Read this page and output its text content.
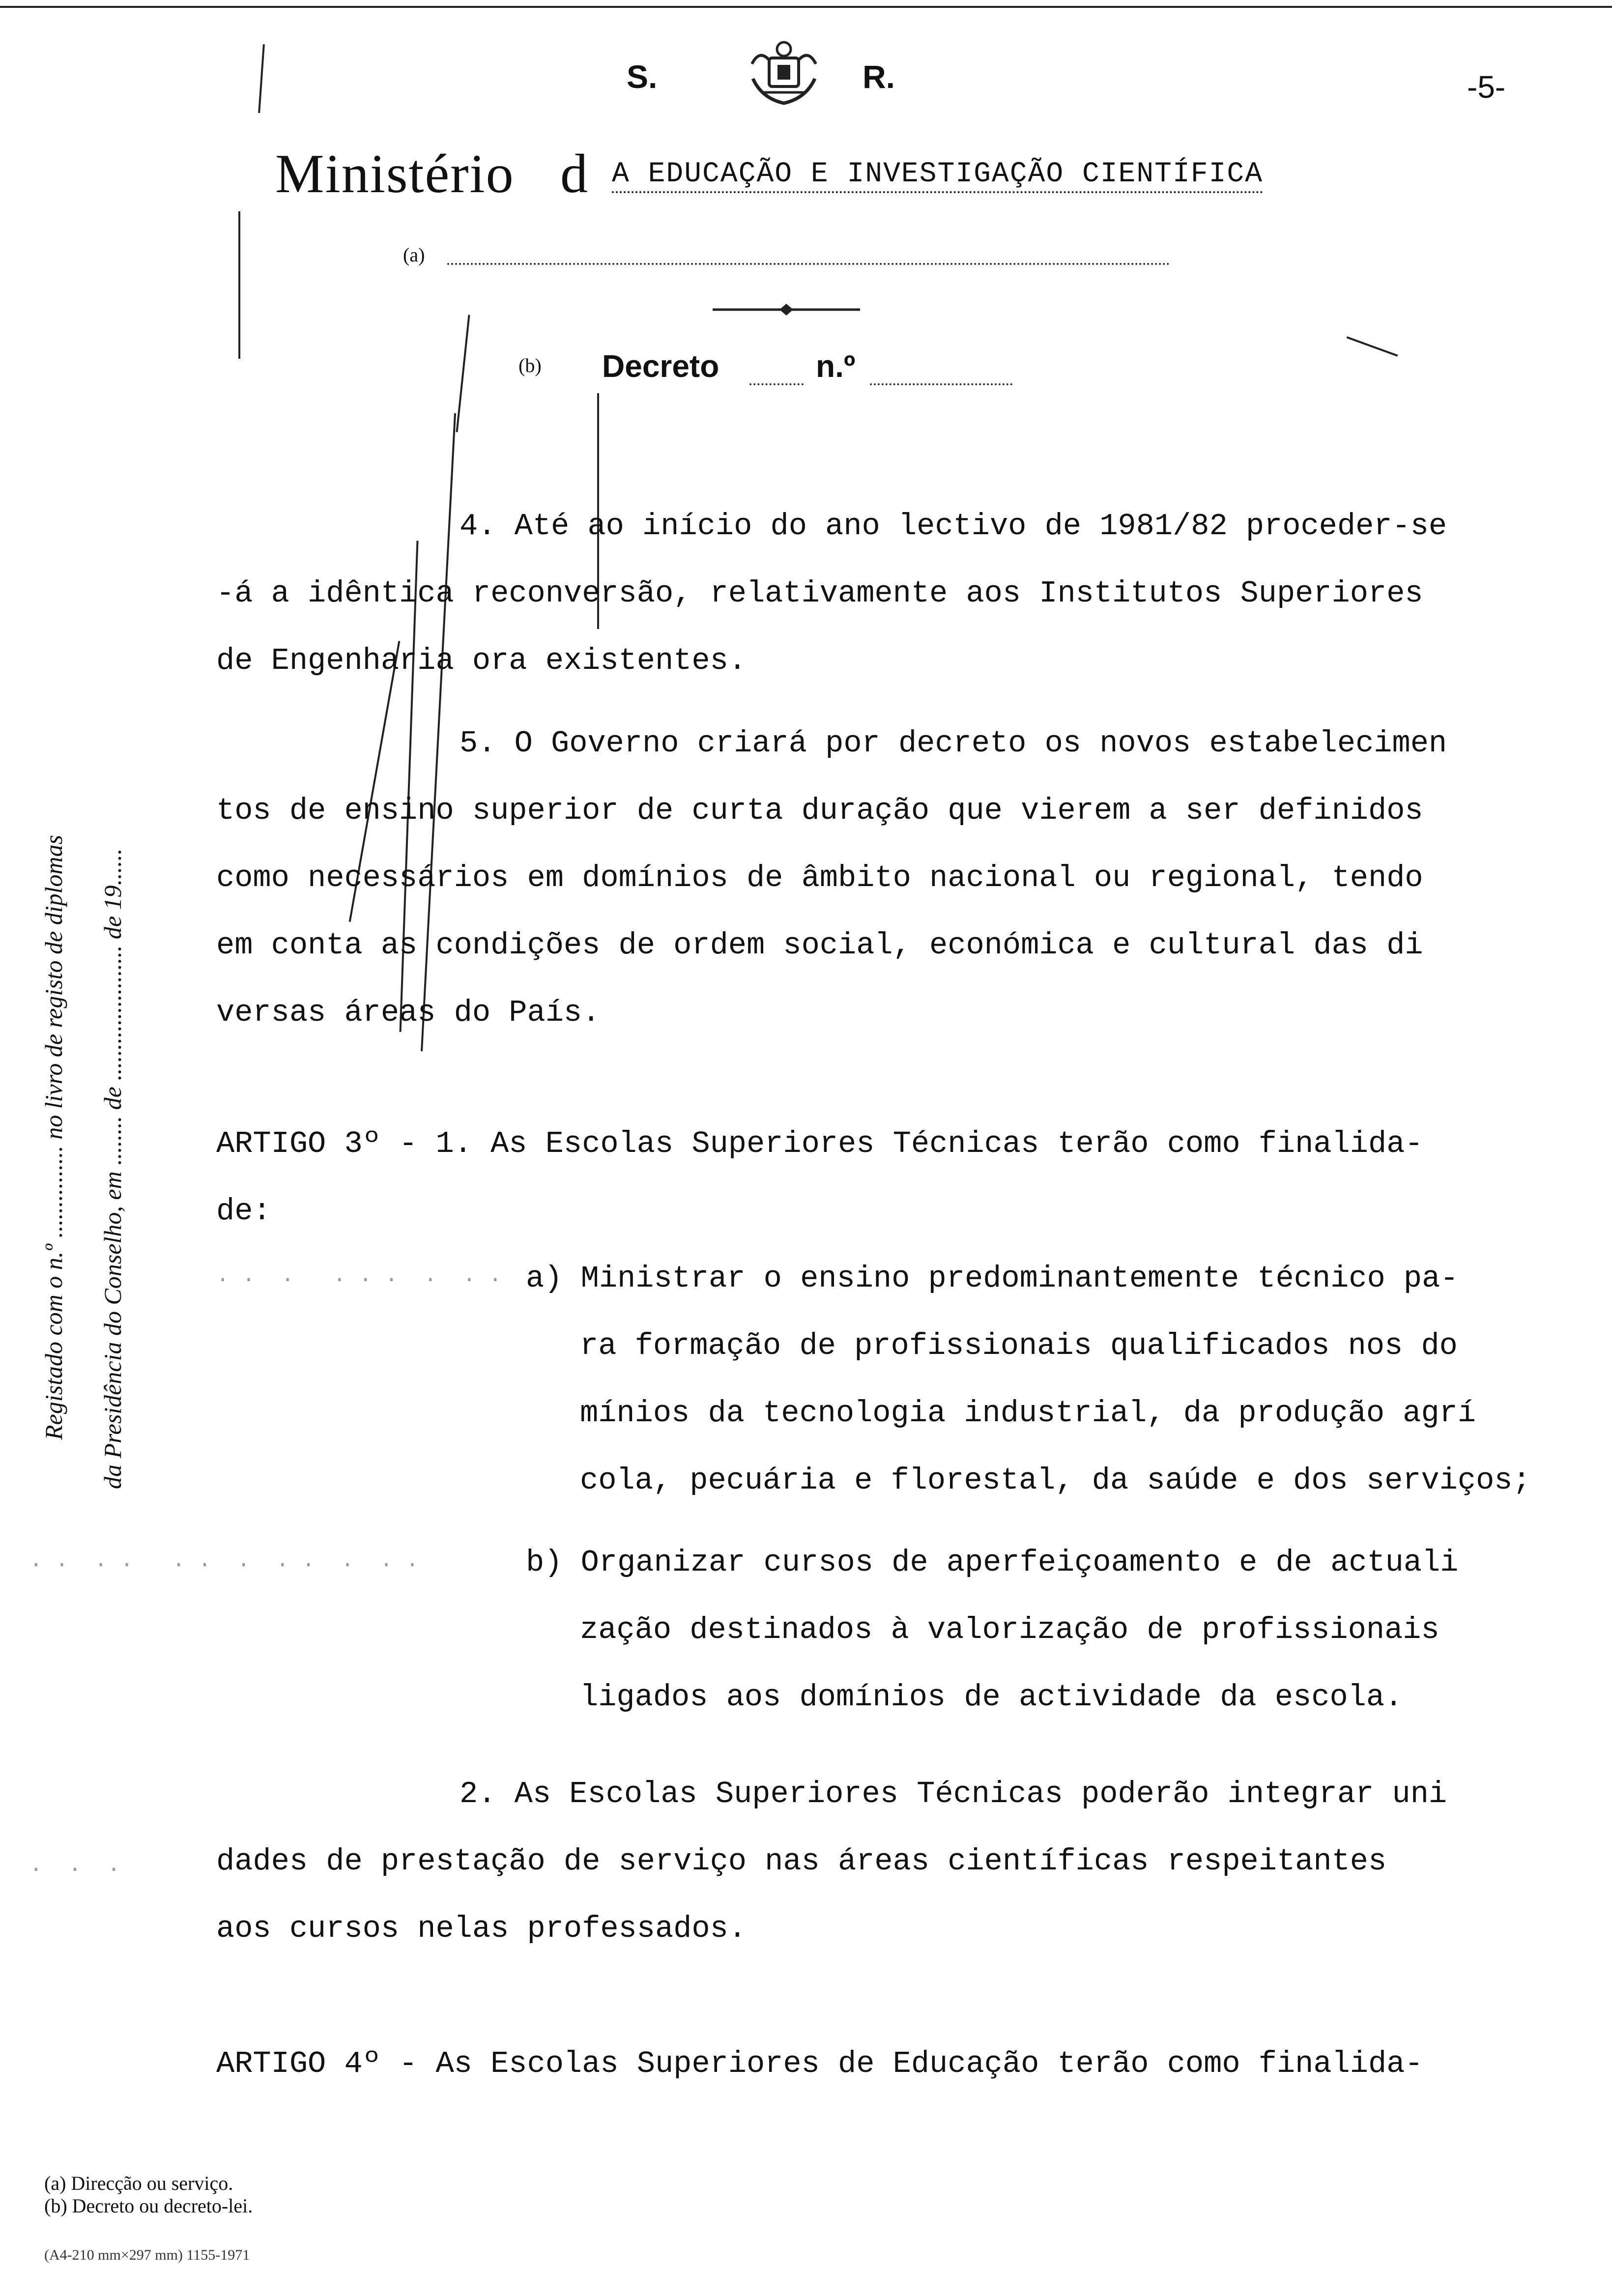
S.	R.	-5-
Ministério d A EDUCAÇÃO E INVESTIGAÇÃO CIENTÍFICA
(a)
(b) Decreto	n.º
Registado com o n.º ............... no livro de registo de diplomas da Presidência do Conselho, em ........ de ...................... de 19......
4. Até ao início do ano lectivo de 1981/82 proceder-se
-á a idêntica reconversão, relativamente aos Institutos Superiores
de Engenharia ora existentes.
5. O Governo criará por decreto os novos estabelecimen
tos de ensino superior de curta duração que vierem a ser definidos
como necessários em domínios de âmbito nacional ou regional, tendo
em conta as condições de ordem social, económica e cultural das di
versas áreas do País.
ARTIGO 3º - 1. As Escolas Superiores Técnicas terão como finalida-
de:
a) Ministrar o ensino predominantemente técnico pa-
ra formação de profissionais qualificados nos do
mínios da tecnologia industrial, da produção agrí
cola, pecuária e florestal, da saúde e dos serviços;
b) Organizar cursos de aperfeiçoamento e de actuali
zação destinados à valorização de profissionais
ligados aos domínios de actividade da escola.
2. As Escolas Superiores Técnicas poderão integrar uni
dades de prestação de serviço nas áreas científicas respeitantes
aos cursos nelas professados.
ARTIGO 4º - As Escolas Superiores de Educação terão como finalida-
· ·  ·   · · ·  ·  · ·
· ·  · ·   · ·  ·  · ·  ·  · ·
·  ·  ·
(a) Direcção ou serviço.
(b) Decreto ou decreto-lei.
(A4-210 mm×297 mm) 1155-1971
